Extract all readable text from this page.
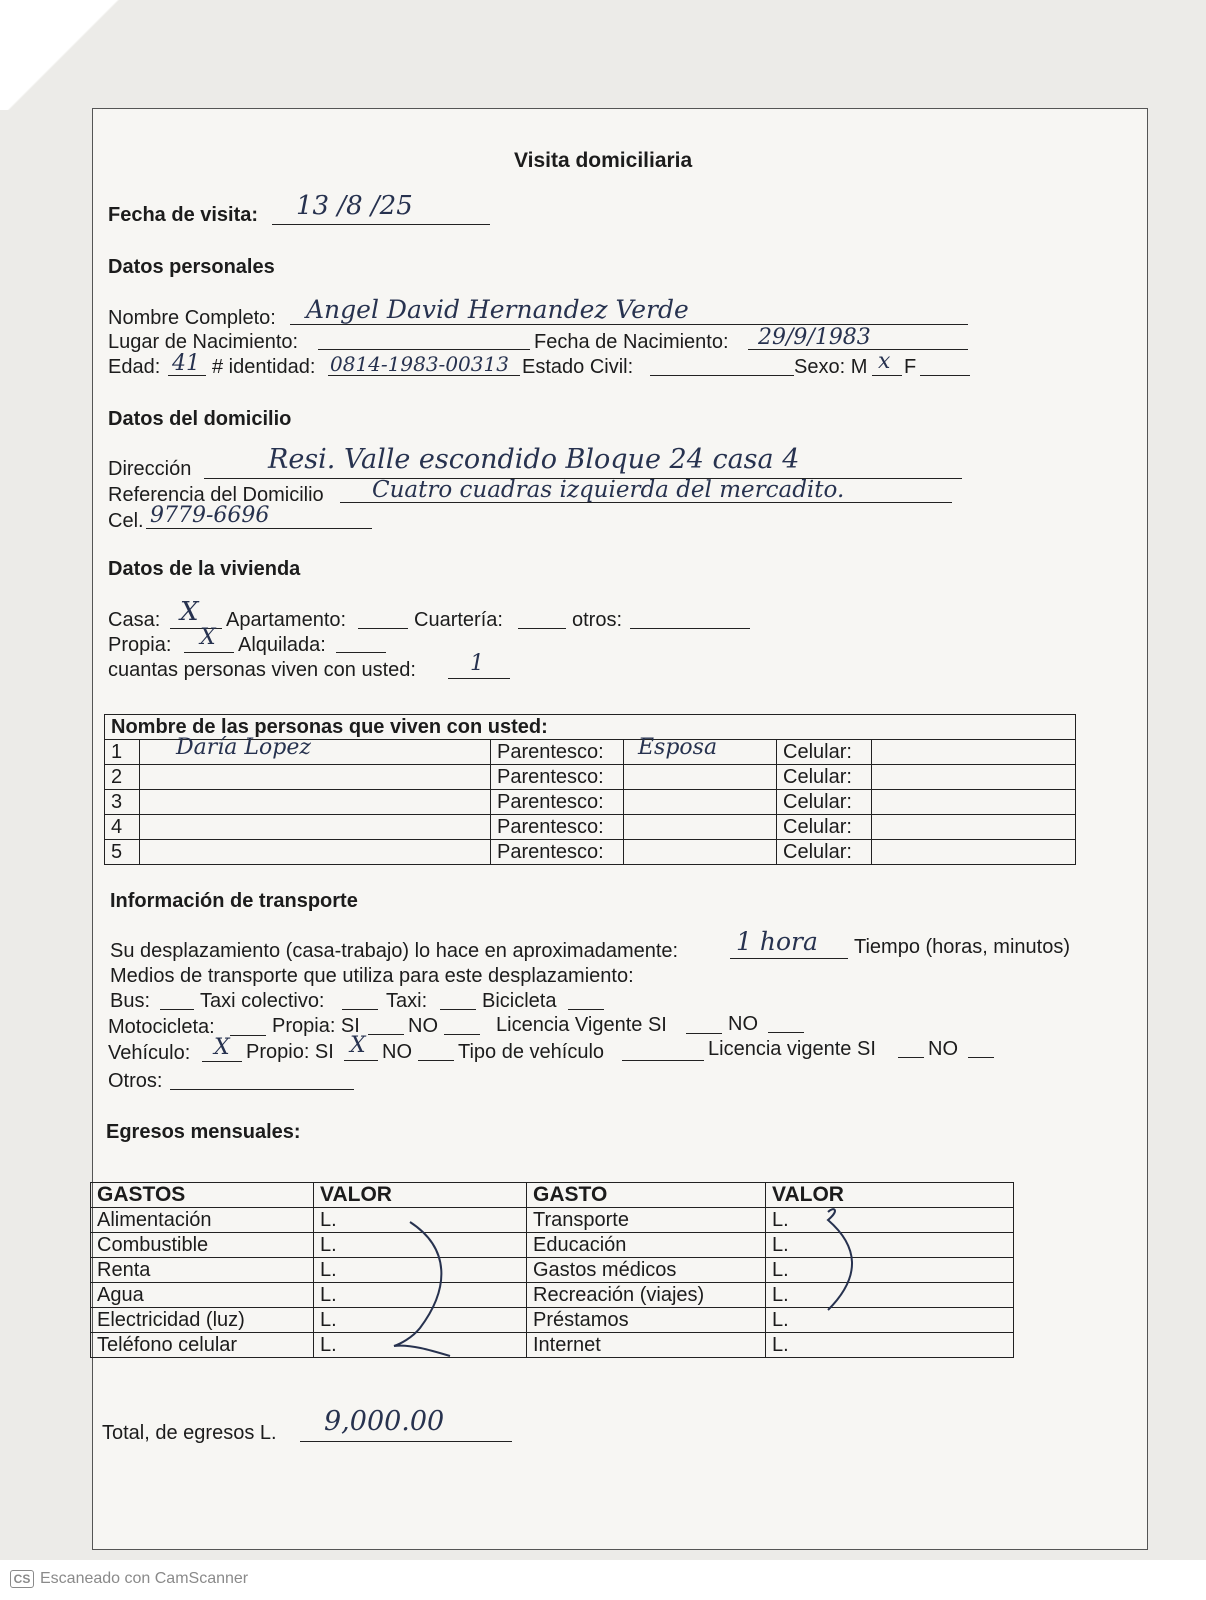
Visita domiciliaria
Fecha de visita: 13 /8 /25
Datos personales
Nombre Completo: Angel David Hernandez Verde
Lugar de Nacimiento:	Fecha de Nacimiento: 29/9/1983
Edad: 41 # identidad: 0814-1983-00313 Estado Civil:	Sexo: M x F
Datos del domicilio
Dirección	Resi. Valle escondido Bloque 24 casa 4
Referencia del Domicilio Cuatro cuadras izquierda del mercadito.
Cel. 9779-6696
Datos de la vivienda
Casa: X Apartamento:	Cuartería:	otros:
Propia: X Alquilada:
cuantas personas viven con usted: 1
Nombre de las personas que viven con usted:					
1	Daría Lopez	Parentesco:	Esposa	Celular:	
2		Parentesco:		Celular:	
3		Parentesco:		Celular:	
4		Parentesco:		Celular:	
5		Parentesco:		Celular:	
Información de transporte
Su desplazamiento (casa-trabajo) lo hace en aproximadamente: 1 hora Tiempo (horas, minutos)
Medios de transporte que utiliza para este desplazamiento:
Bus: Taxi colectivo:	Taxi:	Bicicleta
Motocicleta:	Propia: SI NO	Licencia Vigente SI	NO
Vehículo: X Propio: SI X NO Tipo de vehículo	Licencia vigente SI	NO
Otros:
Egresos mensuales:
GASTOS	VALOR	GASTO	VALOR
Alimentación	L.	Transporte	L.
Combustible	L.	Educación	L.
Renta	L.	Gastos médicos	L.
Agua	L.	Recreación (viajes)	L.
Electricidad (luz)	L.	Préstamos	L.
Teléfono celular	L.	Internet	L.
Total, de egresos L. 9,000.00
CS Escaneado con CamScanner
